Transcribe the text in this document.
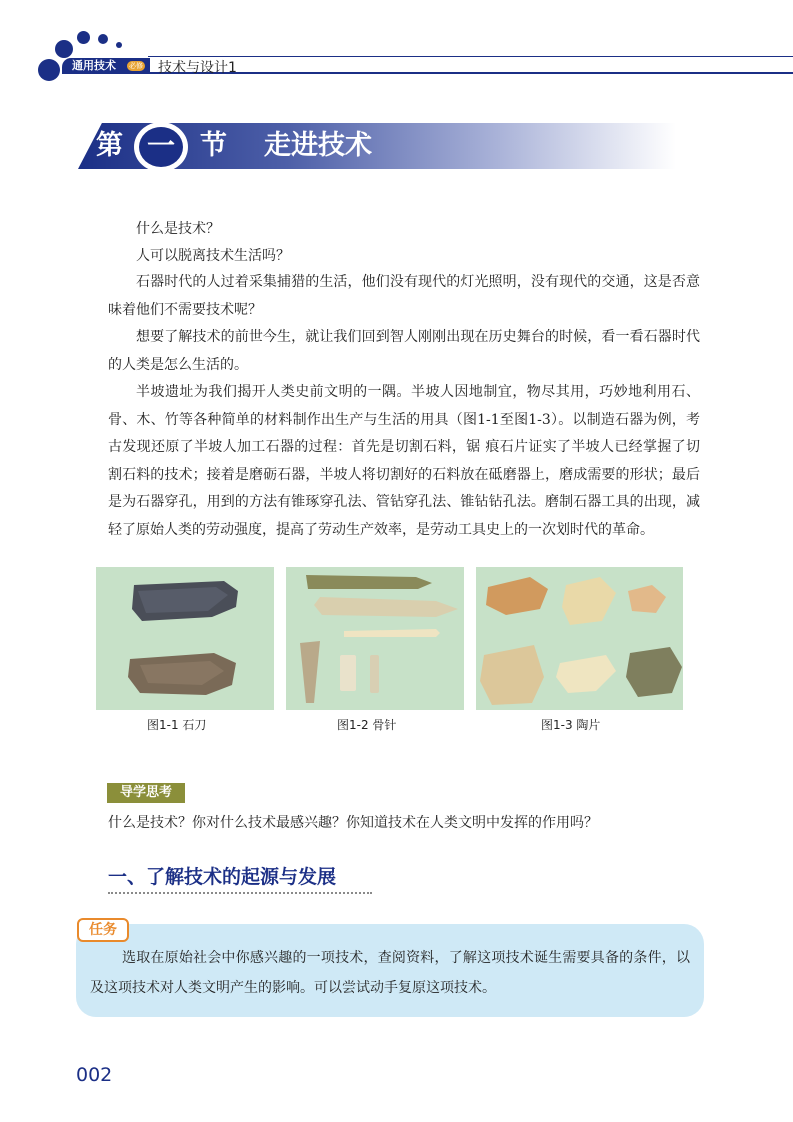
通用技术 必修 技术与设计1
第 一 节 走进技术
什么是技术？
人可以脱离技术生活吗？
石器时代的人过着采集捕猎的生活，他们没有现代的灯光照明，没有现代的交通，这是否意味着他们不需要技术呢？
想要了解技术的前世今生，就让我们回到智人刚刚出现在历史舞台的时候，看一看石器时代的人类是怎么生活的。
半坡遗址为我们揭开人类史前文明的一隅。半坡人因地制宜，物尽其用，巧妙地利用石、骨、木、竹等各种简单的材料制作出生产与生活的用具（图1-1至图1-3）。以制造石器为例，考古发现还原了半坡人加工石器的过程：首先是切割石料，锯 痕石片证实了半坡人已经掌握了切割石料的技术；接着是磨砺石器，半坡人将切割好的石料放在砥磨器上，磨成需要的形状；最后是为石器穿孔，用到的方法有锥琢穿孔法、管钻穿孔法、锥钻钻孔法。磨制石器工具的出现，减轻了原始人类的劳动强度，提高了劳动生产效率，是劳动工具史上的一次划时代的革命。
图1-1 石刀	图1-2 骨针	图1-3 陶片
导学思考
什么是技术？你对什么技术最感兴趣？你知道技术在人类文明中发挥的作用吗？
一、了解技术的起源与发展
任务
选取在原始社会中你感兴趣的一项技术，查阅资料，了解这项技术诞生需要具备的条件，以及这项技术对人类文明产生的影响。可以尝试动手复原这项技术。
002
